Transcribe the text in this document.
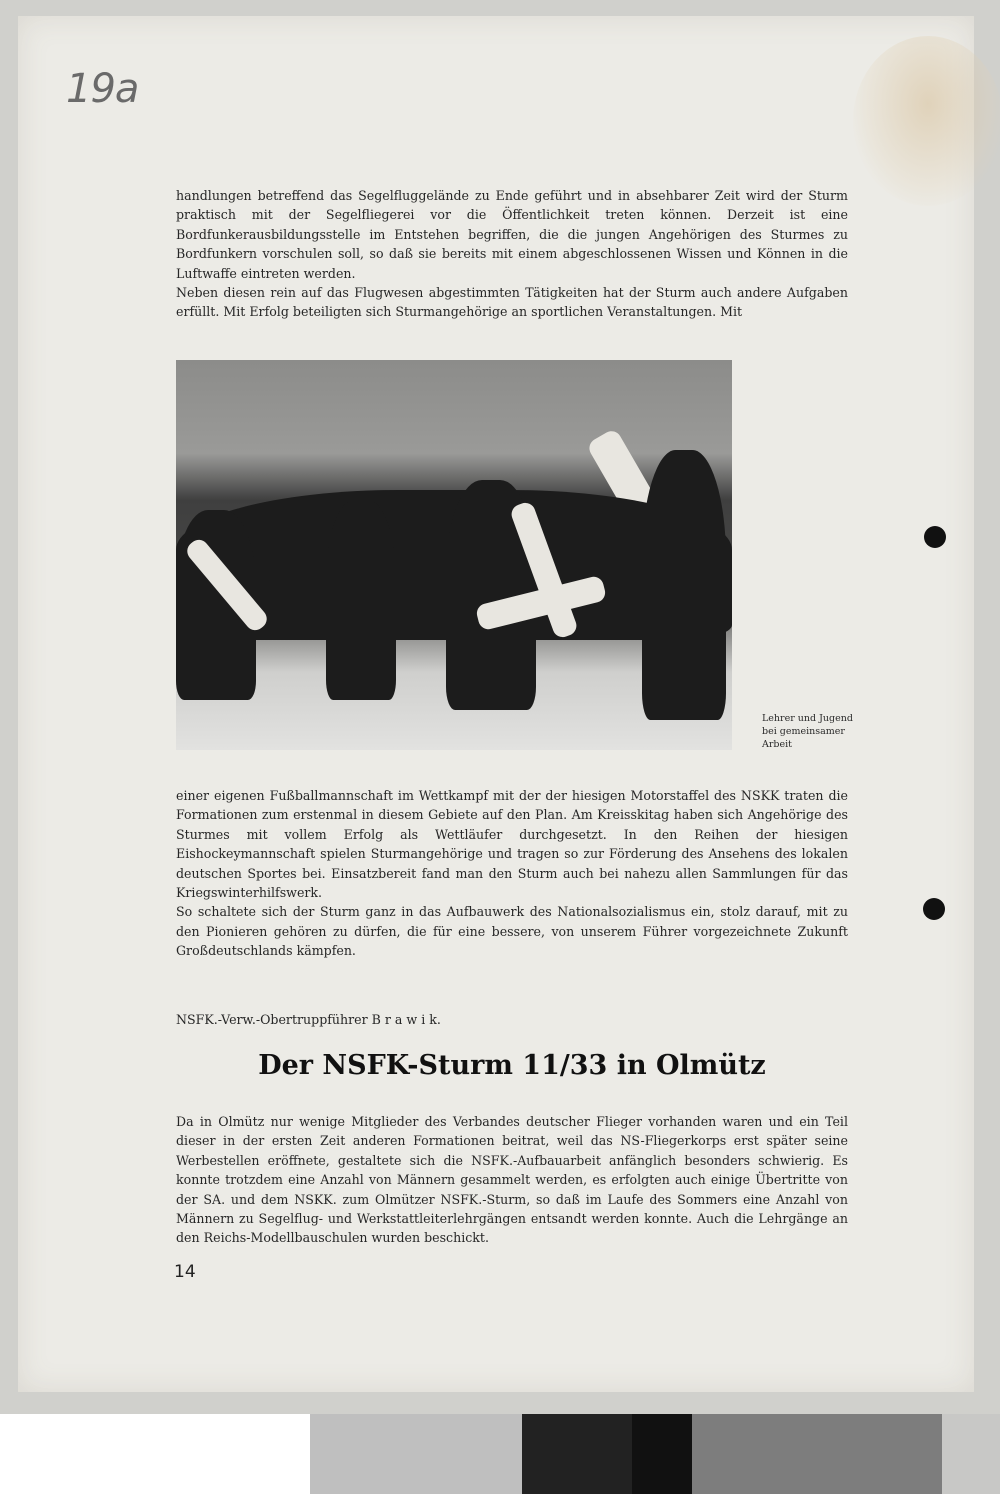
19a

handlungen betreffend das Segelfluggelände zu Ende geführt und in absehbarer Zeit wird der Sturm praktisch mit der Segelfliegerei vor die Öffentlichkeit treten können. Derzeit ist eine Bordfunkerausbildungsstelle im Entstehen begriffen, die die jungen Angehörigen des Sturmes zu Bordfunkern vorschulen soll, so daß sie bereits mit einem abgeschlossenen Wissen und Können in die Luftwaffe eintreten werden.

Neben diesen rein auf das Flugwesen abgestimmten Tätigkeiten hat der Sturm auch andere Aufgaben erfüllt. Mit Erfolg beteiligten sich Sturmangehörige an sportlichen Veranstaltungen. Mit

Lehrer und Jugend bei gemeinsamer Arbeit

einer eigenen Fußballmannschaft im Wettkampf mit der der hiesigen Motorstaffel des NSKK traten die Formationen zum erstenmal in diesem Gebiete auf den Plan. Am Kreisskitag haben sich Angehörige des Sturmes mit vollem Erfolg als Wettläufer durchgesetzt. In den Reihen der hiesigen Eishockeymannschaft spielen Sturmangehörige und tragen so zur Förderung des Ansehens des lokalen deutschen Sportes bei. Einsatzbereit fand man den Sturm auch bei nahezu allen Sammlungen für das Kriegswinterhilfswerk.

So schaltete sich der Sturm ganz in das Aufbauwerk des Nationalsozialismus ein, stolz darauf, mit zu den Pionieren gehören zu dürfen, die für eine bessere, von unserem Führer vorgezeichnete Zukunft Großdeutschlands kämpfen.

NSFK.-Verw.-Obertruppführer B r a w i k.
Der NSFK-Sturm 11/33 in Olmütz

Da in Olmütz nur wenige Mitglieder des Verbandes deutscher Flieger vorhanden waren und ein Teil dieser in der ersten Zeit anderen Formationen beitrat, weil das NS-Fliegerkorps erst später seine Werbestellen eröffnete, gestaltete sich die NSFK.-Aufbauarbeit anfänglich besonders schwierig. Es konnte trotzdem eine Anzahl von Männern gesammelt werden, es erfolgten auch einige Übertritte von der SA. und dem NSKK. zum Olmützer NSFK.-Sturm, so daß im Laufe des Sommers eine Anzahl von Männern zu Segelflug- und Werkstattleiterlehrgängen entsandt werden konnte. Auch die Lehrgänge an den Reichs-Modellbauschulen wurden beschickt.

14
